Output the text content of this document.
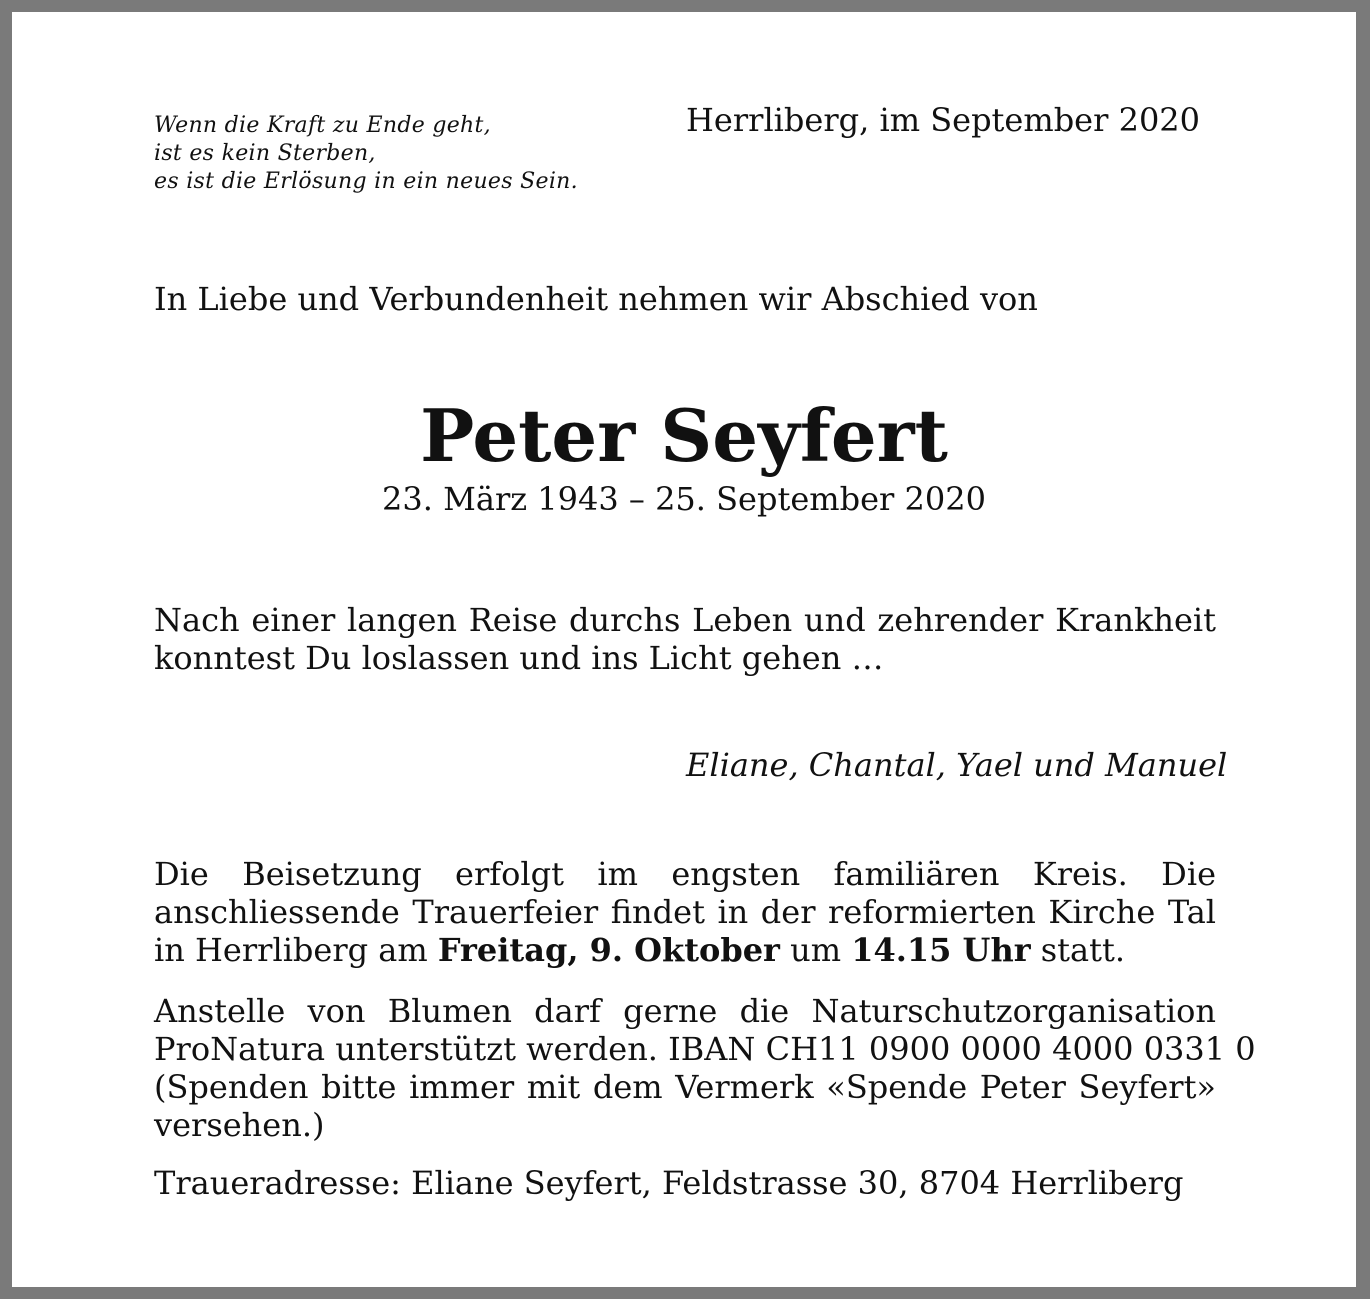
Wenn die Kraft zu Ende geht,
ist es kein Sterben,
es ist die Erlösung in ein neues Sein.
Herrliberg, im September 2020
In Liebe und Verbundenheit nehmen wir Abschied von
Peter Seyfert
23. März 1943 – 25. September 2020
Nach einer langen Reise durchs Leben und zehrender Krankheit
konntest Du loslassen und ins Licht gehen …
Eliane, Chantal, Yael und Manuel
Die Beisetzung erfolgt im engsten familiären Kreis. Die
anschliessende Trauerfeier findet in der reformierten Kirche Tal
in Herrliberg am Freitag, 9. Oktober um 14.15 Uhr statt.
Anstelle von Blumen darf gerne die Naturschutzorganisation
ProNatura unterstützt werden. IBAN CH11 0900 0000 4000 0331 0
(Spenden bitte immer mit dem Vermerk «Spende Peter Seyfert»
versehen.)
Traueradresse: Eliane Seyfert, Feldstrasse 30, 8704 Herrliberg
